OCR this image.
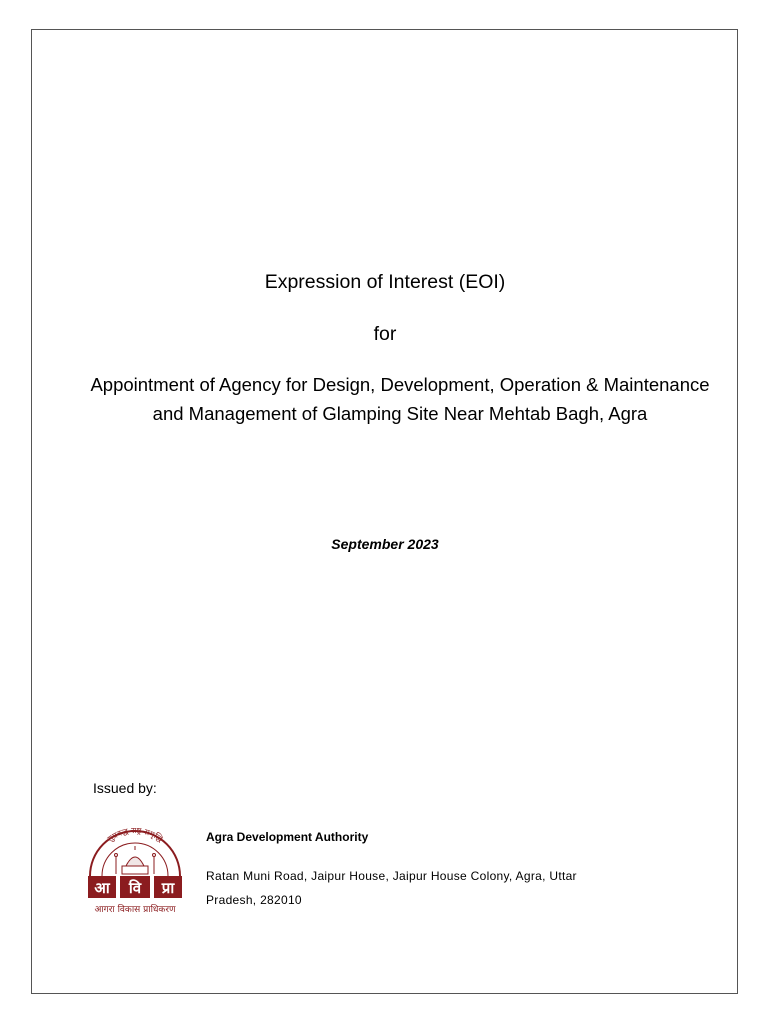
Expression of Interest (EOI)
for
Appointment of Agency for Design, Development, Operation & Maintenance and Management of Glamping Site Near Mehtab Bagh, Agra
September 2023
Issued by:
सुप्रबद्ध राष्ट्र समृद्धि
आ वि प्रा
आगरा विकास प्राधिकरण
Agra Development Authority
Ratan Muni Road, Jaipur House, Jaipur House Colony, Agra, Uttar
Pradesh, 282010
